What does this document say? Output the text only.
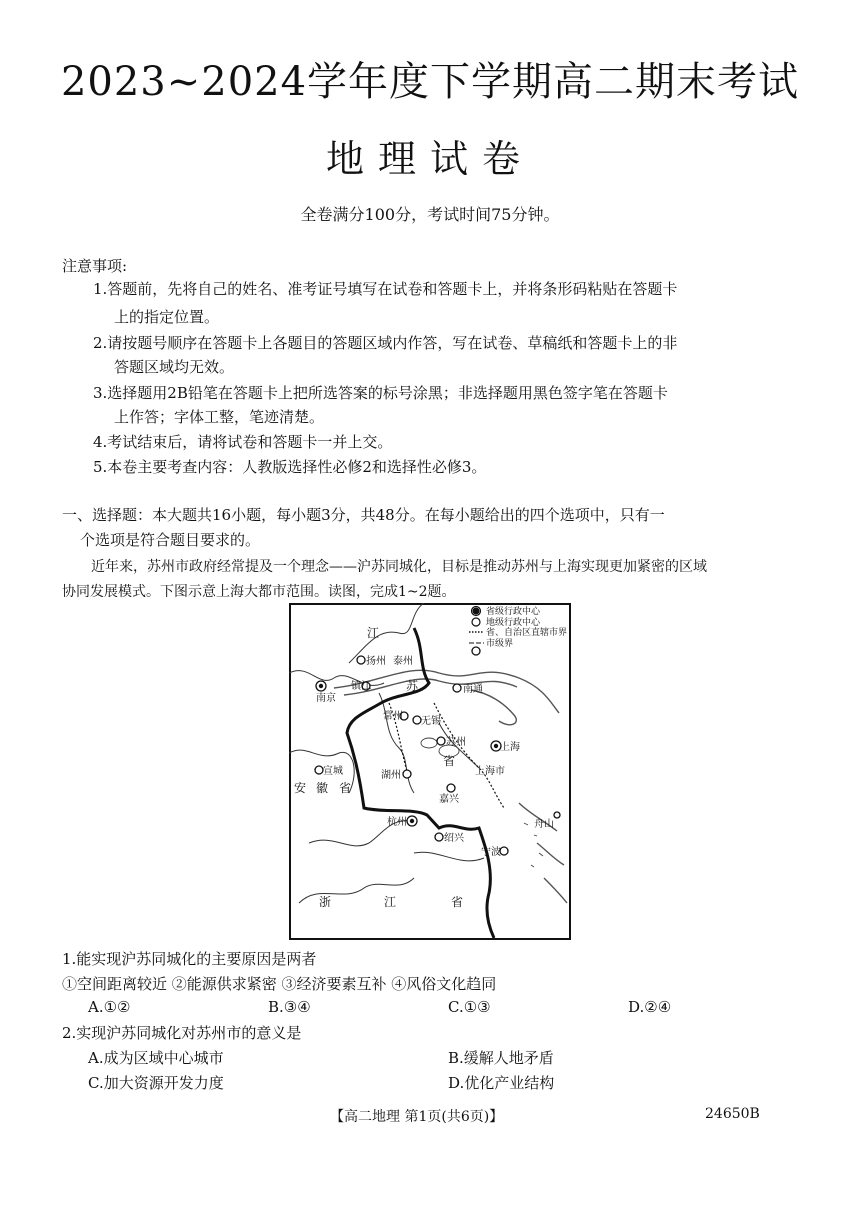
2023~2024学年度下学期高二期末考试
地理试卷
全卷满分100分，考试时间75分钟。
注意事项:
1.答题前，先将自己的姓名、准考证号填写在试卷和答题卡上，并将条形码粘贴在答题卡
上的指定位置。
2.请按题号顺序在答题卡上各题目的答题区域内作答，写在试卷、草稿纸和答题卡上的非
答题区域均无效。
3.选择题用2B铅笔在答题卡上把所选答案的标号涂黑；非选择题用黑色签字笔在答题卡
上作答；字体工整，笔迹清楚。
4.考试结束后，请将试卷和答题卡一并上交。
5.本卷主要考查内容：人教版选择性必修2和选择性必修3。
一、选择题：本大题共16小题，每小题3分，共48分。在每小题给出的四个选项中，只有一
个选项是符合题目要求的。
近年来，苏州市政府经常提及一个理念——沪苏同城化，目标是推动苏州与上海实现更加紧密的区域
协同发展模式。下图示意上海大都市范围。读图，完成1~2题。
省级行政中心
地级行政中心
省、自治区直辖市界
市级界
扬州 泰州
南京
镇江	南通
常州 无锡
苏州	上海
上海市
宣城	湖州
嘉兴
杭州
绍兴
宁波
舟山
江
苏
省
安 徽 省
浙	江	省
1.能实现沪苏同城化的主要原因是两者
①空间距离较近 ②能源供求紧密 ③经济要素互补 ④风俗文化趋同
A.①②	B.③④	C.①③	D.②④
2.实现沪苏同城化对苏州市的意义是
A.成为区域中心城市	B.缓解人地矛盾
C.加大资源开发力度	D.优化产业结构
【高二地理 第1页(共6页)】	24650B
